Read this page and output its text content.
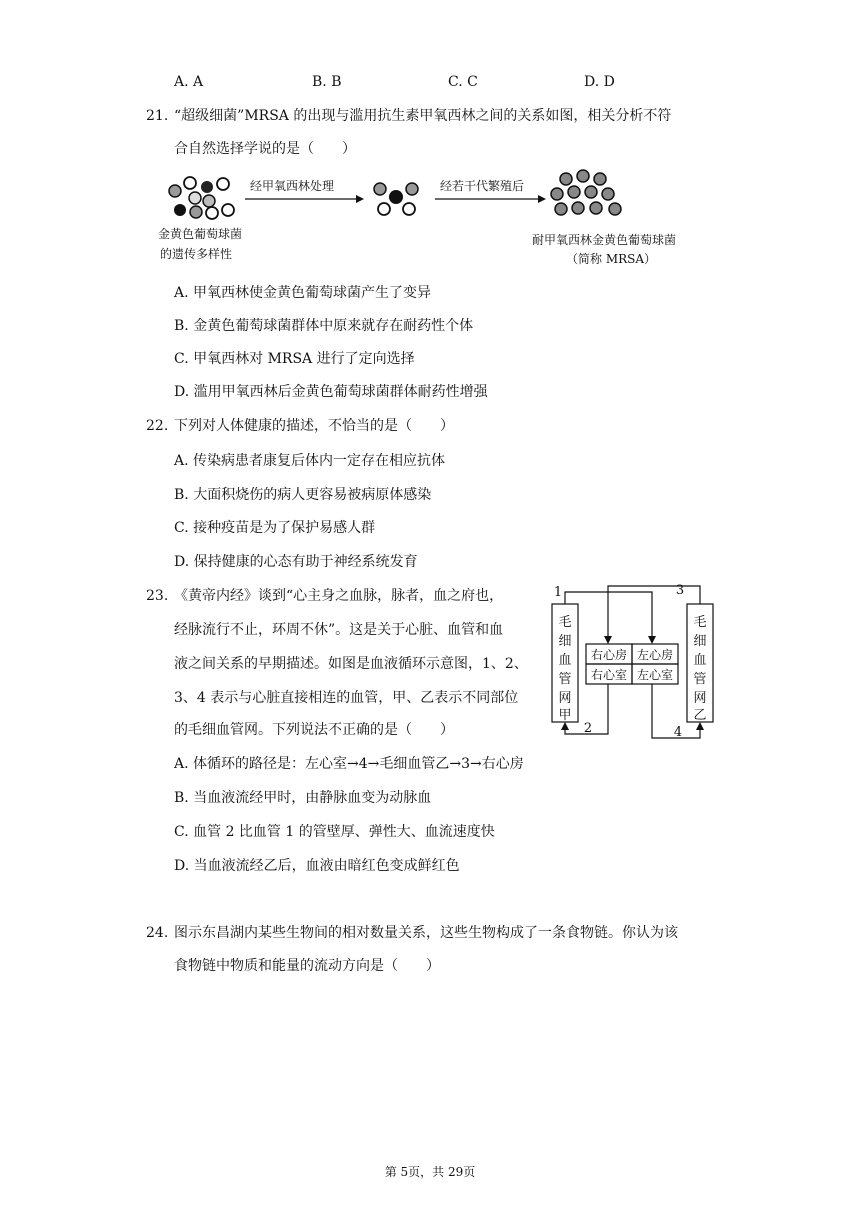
A. A	B. B	C. C	D. D
21. “超级细菌”MRSA 的出现与滥用抗生素甲氧西林之间的关系如图，相关分析不符
合自然选择学说的是（　　）
经甲氧西林处理	经若干代繁殖后
金黄色葡萄球菌
的遗传多样性
耐甲氧西林金黄色葡萄球菌
（简称 MRSA）
A. 甲氧西林使金黄色葡萄球菌产生了变异
B. 金黄色葡萄球菌群体中原来就存在耐药性个体
C. 甲氧西林对 MRSA 进行了定向选择
D. 滥用甲氧西林后金黄色葡萄球菌群体耐药性增强
22. 下列对人体健康的描述，不恰当的是（　　）
A. 传染病患者康复后体内一定存在相应抗体
B. 大面积烧伤的病人更容易被病原体感染
C. 接种疫苗是为了保护易感人群
D. 保持健康的心态有助于神经系统发育
23. 《黄帝内经》谈到“心主身之血脉，脉者，血之府也，
经脉流行不止，环周不休”。这是关于心脏、血管和血
液之间关系的早期描述。如图是血液循环示意图，1、2、
3、4 表示与心脏直接相连的血管，甲、乙表示不同部位
的毛细血管网。下列说法不正确的是（　　）
1	3
2	4
毛
细
血
管
网
甲
毛
细
血
管
网
乙
右心房 左心房
右心室 左心室
A. 体循环的路径是：左心室→4→毛细血管乙→3→右心房
B. 当血液流经甲时，由静脉血变为动脉血
C. 血管 2 比血管 1 的管壁厚、弹性大、血流速度快
D. 当血液流经乙后，血液由暗红色变成鲜红色
24. 图示东昌湖内某些生物间的相对数量关系，这些生物构成了一条食物链。你认为该
食物链中物质和能量的流动方向是（　　）
第 5页，共 29页
